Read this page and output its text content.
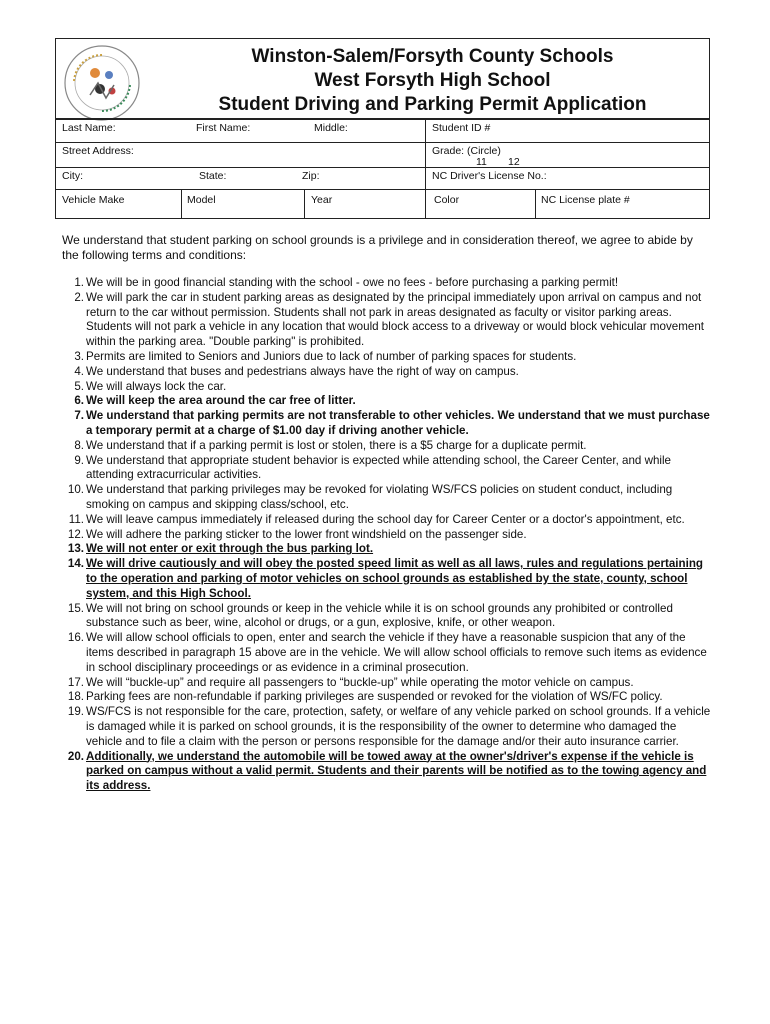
Winston-Salem/Forsyth County Schools
West Forsyth High School
Student Driving and Parking Permit Application
Last Name:	First Name:	Middle:	Student ID #
Street Address:	Grade: (Circle)
11 12
City:	State:	Zip:	NC Driver's License No.:
Vehicle Make	Model	Year	Color	NC License plate #
We understand that student parking on school grounds is a privilege and in consideration thereof, we agree to abide by the following terms and conditions:
1. We will be in good financial standing with the school - owe no fees - before purchasing a parking permit!
2. We will park the car in student parking areas as designated by the principal immediately upon arrival on campus and not return to the car without permission. Students shall not park in areas designated as faculty or visitor parking areas. Students will not park a vehicle in any location that would block access to a driveway or would block vehicular movement within the parking area. "Double parking" is prohibited.
3. Permits are limited to Seniors and Juniors due to lack of number of parking spaces for students.
4. We understand that buses and pedestrians always have the right of way on campus.
5. We will always lock the car.
6. We will keep the area around the car free of litter.
7. We understand that parking permits are not transferable to other vehicles. We understand that we must purchase a temporary permit at a charge of $1.00 day if driving another vehicle.
8. We understand that if a parking permit is lost or stolen, there is a $5 charge for a duplicate permit.
9. We understand that appropriate student behavior is expected while attending school, the Career Center, and while attending extracurricular activities.
10. We understand that parking privileges may be revoked for violating WS/FCS policies on student conduct, including smoking on campus and skipping class/school, etc.
11. We will leave campus immediately if released during the school day for Career Center or a doctor's appointment, etc.
12. We will adhere the parking sticker to the lower front windshield on the passenger side.
13. We will not enter or exit through the bus parking lot.
14. We will drive cautiously and will obey the posted speed limit as well as all laws, rules and regulations pertaining to the operation and parking of motor vehicles on school grounds as established by the state, county, school system, and this High School.
15. We will not bring on school grounds or keep in the vehicle while it is on school grounds any prohibited or controlled substance such as beer, wine, alcohol or drugs, or a gun, explosive, knife, or other weapon.
16. We will allow school officials to open, enter and search the vehicle if they have a reasonable suspicion that any of the items described in paragraph 15 above are in the vehicle. We will allow school officials to remove such items as evidence in school disciplinary proceedings or as evidence in a criminal prosecution.
17. We will “buckle-up” and require all passengers to “buckle-up” while operating the motor vehicle on campus.
18. Parking fees are non-refundable if parking privileges are suspended or revoked for the violation of WS/FC policy.
19. WS/FCS is not responsible for the care, protection, safety, or welfare of any vehicle parked on school grounds. If a vehicle is damaged while it is parked on school grounds, it is the responsibility of the owner to determine who damaged the vehicle and to file a claim with the person or persons responsible for the damage and/or their auto insurance carrier.
20. Additionally, we understand the automobile will be towed away at the owner's/driver's expense if the vehicle is parked on campus without a valid permit. Students and their parents will be notified as to the towing agency and its address.
